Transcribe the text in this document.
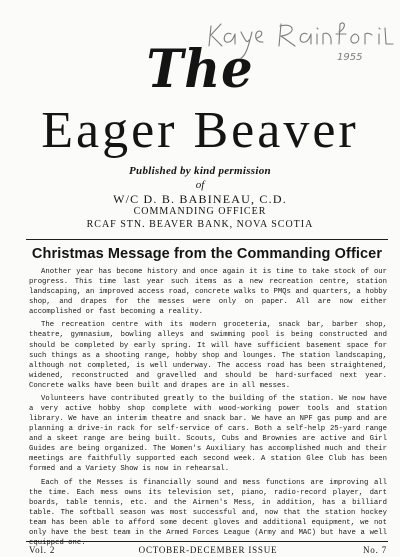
1955
The
Eager Beaver
Published by kind permission
of
W/C D. B. BABINEAU, C.D.
COMMANDING OFFICER
RCAF STN. BEAVER BANK, NOVA SCOTIA
Christmas Message from the Commanding Officer

Another year has become history and once again it is time to take stock of our progress. This time last year such items as a new recreation centre, station landscaping, an improved access road, concrete walks to PMQs and quarters, a hobby shop, and drapes for the messes were only on paper. All are now either accomplished or fast becoming a reality.

The recreation centre with its modern groceteria, snack bar, barber shop, theatre, gymnasium, bowling alleys and swimming pool is being constructed and should be completed by early spring. It will have sufficient basement space for such things as a shooting range, hobby shop and lounges. The station landscaping, although not completed, is well underway. The access road has been straightened, widened, reconstructed and gravelled and should be hard-surfaced next year. Concrete walks have been built and drapes are in all messes.

Volunteers have contributed greatly to the building of the station. We now have a very active hobby shop complete with wood-working power tools and station library. We have an interim theatre and snack bar. We have an NPF gas pump and are planning a drive-in rack for self-service of cars. Both a self-help 25-yard range and a skeet range are being built. Scouts, Cubs and Brownies are active and Girl Guides are being organized. The Women's Auxiliary has accomplished much and their meetings are faithfully supported each second week. A station Glee Club has been formed and a Variety Show is now in rehearsal.

Each of the Messes is financially sound and mess functions are improving all the time. Each mess owns its television set, piano, radio-record player, dart boards, table tennis, etc. and the Airmen's Mess, in addition, has a billiard table. The softball season was most successful and, now that the station hockey team has been able to afford some decent gloves and additional equipment, we not only have the best team in the Armed Forces League (Army and MAC) but have a well equipped one.

Vol. 2	OCTOBER-DECEMBER ISSUE	No. 7
